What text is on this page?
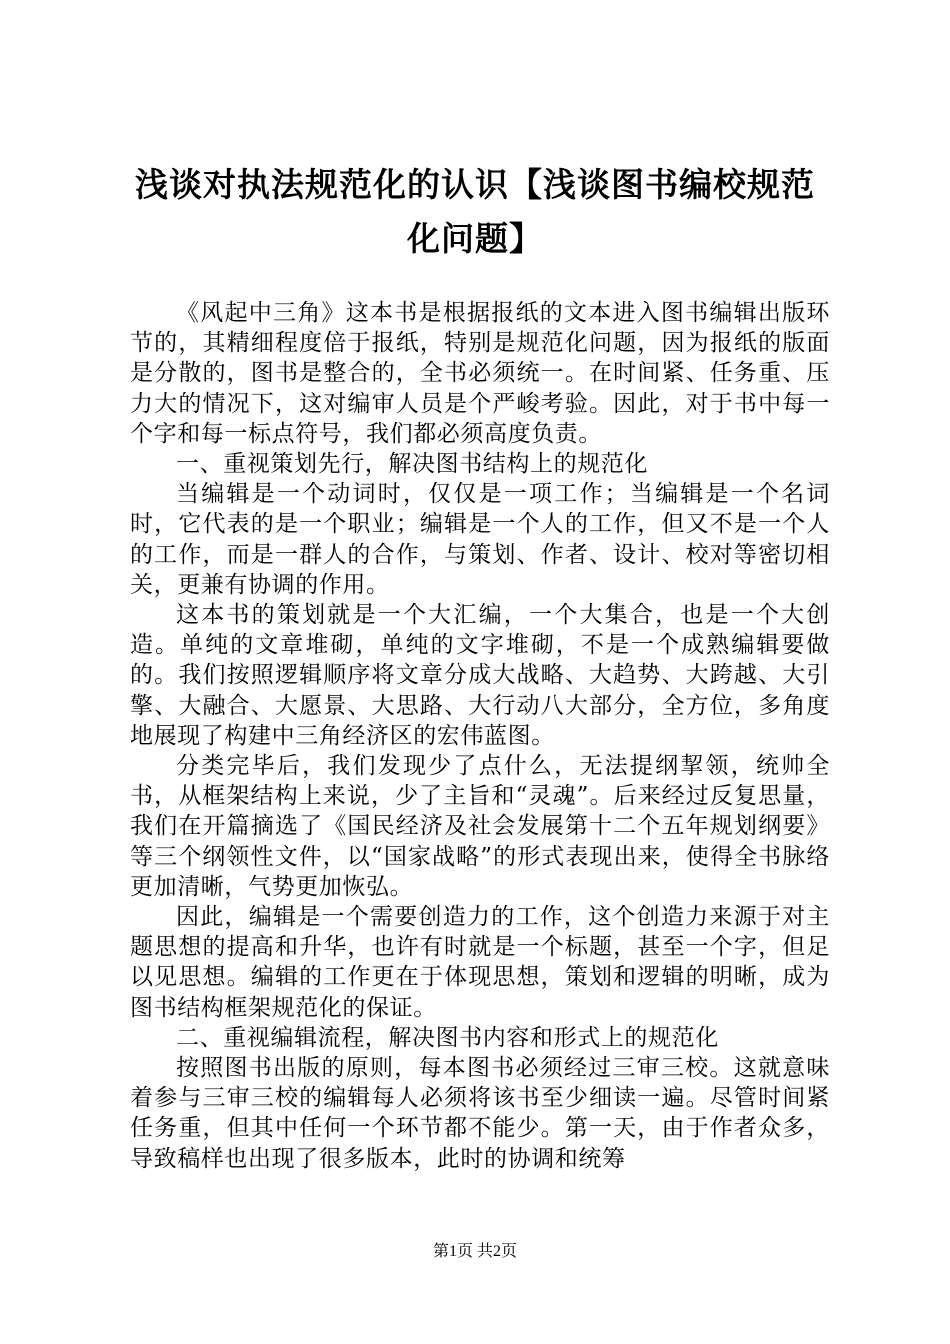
浅谈对执法规范化的认识【浅谈图书编校规范化问题】

《风起中三角》这本书是根据报纸的文本进入图书编辑出版环节的，其精细程度倍于报纸，特别是规范化问题，因为报纸的版面是分散的，图书是整合的，全书必须统一。在时间紧、任务重、压力大的情况下，这对编审人员是个严峻考验。因此，对于书中每一个字和每一标点符号，我们都必须高度负责。

一、重视策划先行，解决图书结构上的规范化

当编辑是一个动词时，仅仅是一项工作；当编辑是一个名词时，它代表的是一个职业；编辑是一个人的工作，但又不是一个人的工作，而是一群人的合作，与策划、作者、设计、校对等密切相关，更兼有协调的作用。

这本书的策划就是一个大汇编，一个大集合，也是一个大创造。单纯的文章堆砌，单纯的文字堆砌，不是一个成熟编辑要做的。我们按照逻辑顺序将文章分成大战略、大趋势、大跨越、大引擎、大融合、大愿景、大思路、大行动八大部分，全方位，多角度地展现了构建中三角经济区的宏伟蓝图。

分类完毕后，我们发现少了点什么，无法提纲挈领，统帅全书，从框架结构上来说，少了主旨和“灵魂”。后来经过反复思量，我们在开篇摘选了《国民经济及社会发展第十二个五年规划纲要》等三个纲领性文件，以“国家战略”的形式表现出来，使得全书脉络更加清晰，气势更加恢弘。

因此，编辑是一个需要创造力的工作，这个创造力来源于对主题思想的提高和升华，也许有时就是一个标题，甚至一个字，但足以见思想。编辑的工作更在于体现思想，策划和逻辑的明晰，成为图书结构框架规范化的保证。

二、重视编辑流程，解决图书内容和形式上的规范化

按照图书出版的原则，每本图书必须经过三审三校。这就意味着参与三审三校的编辑每人必须将该书至少细读一遍。尽管时间紧任务重，但其中任何一个环节都不能少。第一天，由于作者众多，导致稿样也出现了很多版本，此时的协调和统筹

第1页 共2页
